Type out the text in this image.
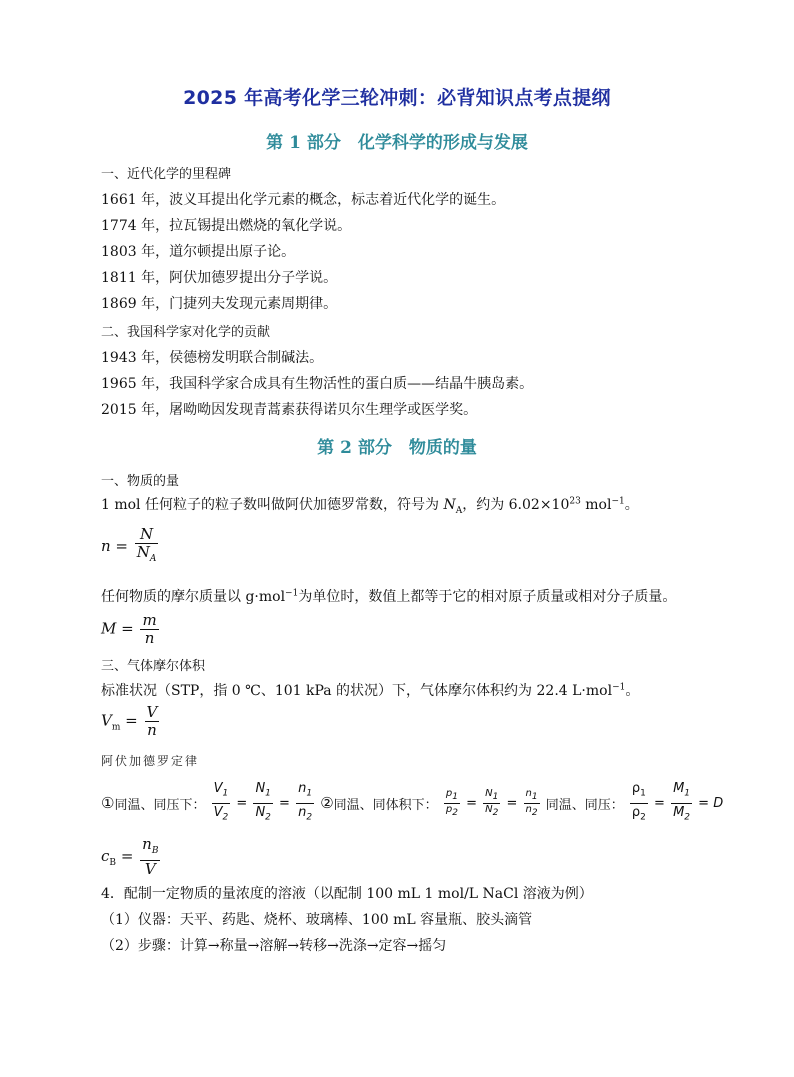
2025 年高考化学三轮冲刺：必背知识点考点提纲
第 1 部分　化学科学的形成与发展
一、近代化学的里程碑
1661 年，波义耳提出化学元素的概念，标志着近代化学的诞生。
1774 年，拉瓦锡提出燃烧的氧化学说。
1803 年，道尔顿提出原子论。
1811 年，阿伏加德罗提出分子学说。
1869 年，门捷列夫发现元素周期律。
二、我国科学家对化学的贡献
1943 年，侯德榜发明联合制碱法。
1965 年，我国科学家合成具有生物活性的蛋白质——结晶牛胰岛素。
2015 年，屠呦呦因发现青蒿素获得诺贝尔生理学或医学奖。
第 2 部分　物质的量
一、物质的量
1 mol 任何粒子的粒子数叫做阿伏加德罗常数，符号为 $N_A$，约为 $6.02\times 10^{23}$ mol$^{-1}$。
$n = \frac{N}{N_A}$
任何物质的摩尔质量以 g·mol$^{-1}$为单位时，数值上都等于它的相对原子质量或相对分子质量。
$M = \frac{m}{n}$
三、气体摩尔体积
标准状况（STP，指 0 ℃、101 kPa 的状况）下，气体摩尔体积约为 22.4 L·mol$^{-1}$。
$V_m = \frac{V}{n}$
阿伏加德罗定律
①同温、同压下： $\frac{V_1}{V_2} = \frac{N_1}{N_2} = \frac{n_1}{n_2}$ ②同温、同体积下： $\frac{p_1}{p_2} = \frac{N_1}{N_2} = \frac{n_1}{n_2}$ 同温、同压： $\frac{\rho_1}{\rho_2} = \frac{M_1}{M_2} = D$
$c_B = \frac{n_B}{V}$
4．配制一定物质的量浓度的溶液（以配制 100 mL 1 mol/L NaCl 溶液为例）
（1）仪器：天平、药匙、烧杯、玻璃棒、100 mL 容量瓶、胶头滴管
（2）步骤：计算→称量→溶解→转移→洗涤→定容→摇匀
